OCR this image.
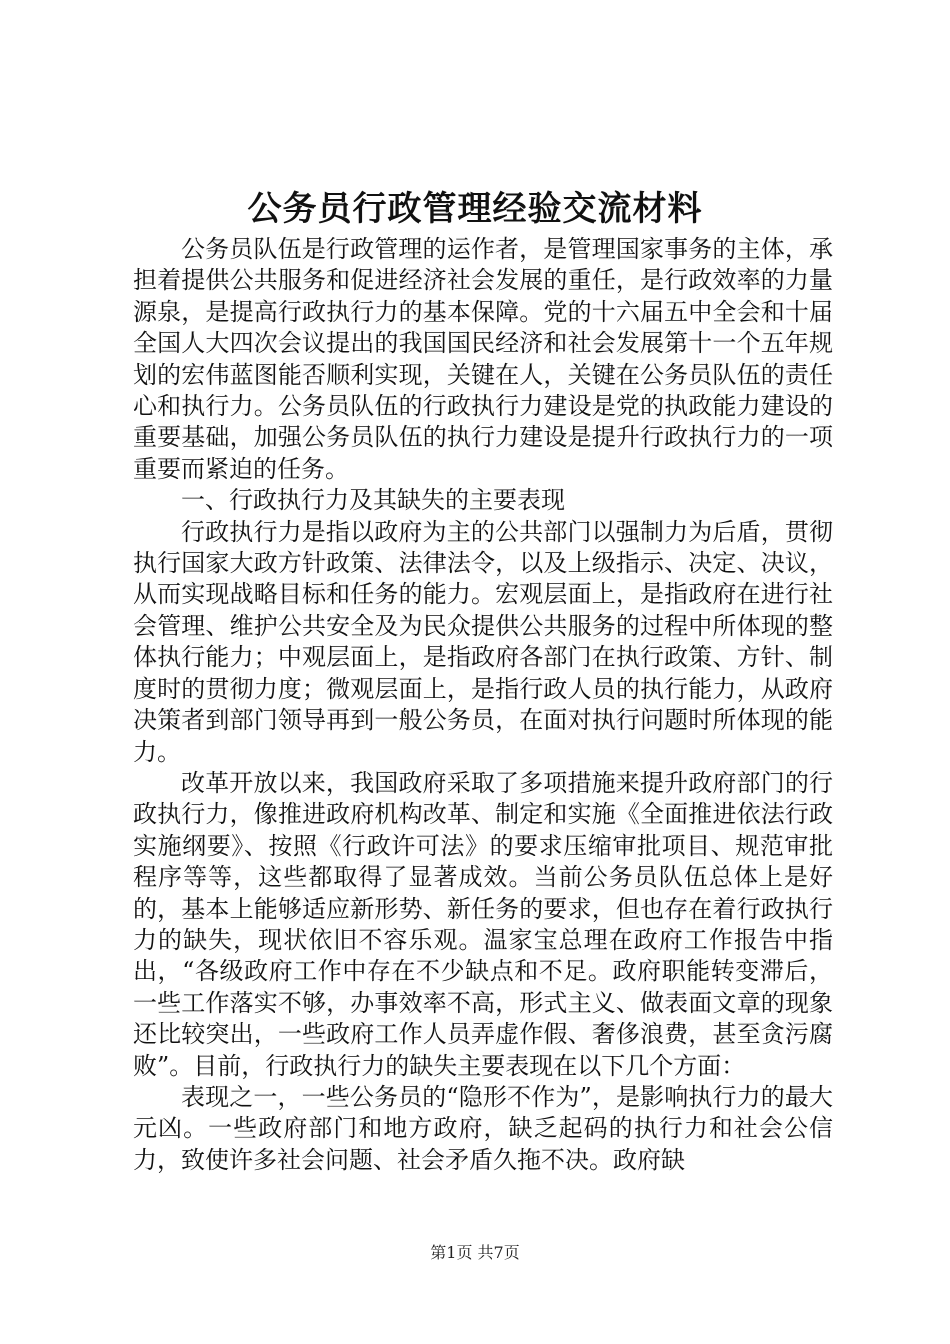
公务员行政管理经验交流材料

公务员队伍是行政管理的运作者，是管理国家事务的主体，承担着提供公共服务和促进经济社会发展的重任，是行政效率的力量源泉，是提高行政执行力的基本保障。党的十六届五中全会和十届全国人大四次会议提出的我国国民经济和社会发展第十一个五年规划的宏伟蓝图能否顺利实现，关键在人，关键在公务员队伍的责任心和执行力。公务员队伍的行政执行力建设是党的执政能力建设的重要基础，加强公务员队伍的执行力建设是提升行政执行力的一项重要而紧迫的任务。

一、行政执行力及其缺失的主要表现

行政执行力是指以政府为主的公共部门以强制力为后盾，贯彻执行国家大政方针政策、法律法令，以及上级指示、决定、决议，从而实现战略目标和任务的能力。宏观层面上，是指政府在进行社会管理、维护公共安全及为民众提供公共服务的过程中所体现的整体执行能力；中观层面上，是指政府各部门在执行政策、方针、制度时的贯彻力度；微观层面上，是指行政人员的执行能力，从政府决策者到部门领导再到一般公务员，在面对执行问题时所体现的能力。

改革开放以来，我国政府采取了多项措施来提升政府部门的行政执行力，像推进政府机构改革、制定和实施《全面推进依法行政实施纲要》、按照《行政许可法》的要求压缩审批项目、规范审批程序等等，这些都取得了显著成效。当前公务员队伍总体上是好的，基本上能够适应新形势、新任务的要求，但也存在着行政执行力的缺失，现状依旧不容乐观。温家宝总理在政府工作报告中指出，“各级政府工作中存在不少缺点和不足。政府职能转变滞后，一些工作落实不够，办事效率不高，形式主义、做表面文章的现象还比较突出，一些政府工作人员弄虚作假、奢侈浪费，甚至贪污腐败”。目前，行政执行力的缺失主要表现在以下几个方面：

表现之一，一些公务员的“隐形不作为”，是影响执行力的最大元凶。一些政府部门和地方政府，缺乏起码的执行力和社会公信力，致使许多社会问题、社会矛盾久拖不决。政府缺

第1页 共7页
